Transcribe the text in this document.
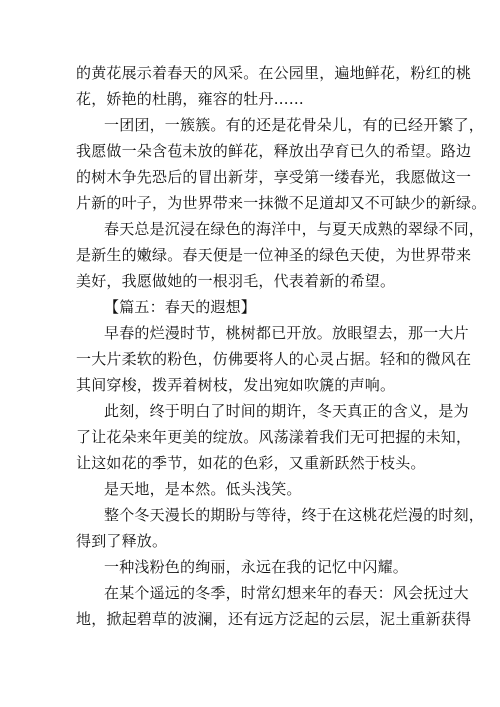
的黄花展示着春天的风采。在公园里，遍地鲜花，粉红的桃
花，娇艳的杜鹃，雍容的牡丹……
一团团，一簇簇。有的还是花骨朵儿，有的已经开繁了，
我愿做一朵含苞未放的鲜花，释放出孕育已久的希望。路边
的树木争先恐后的冒出新芽，享受第一缕春光，我愿做这一
片新的叶子，为世界带来一抹微不足道却又不可缺少的新绿。
春天总是沉浸在绿色的海洋中，与夏天成熟的翠绿不同，
是新生的嫩绿。春天便是一位神圣的绿色天使，为世界带来
美好，我愿做她的一根羽毛，代表着新的希望。
【篇五：春天的遐想】
早春的烂漫时节，桃树都已开放。放眼望去，那一大片
一大片柔软的粉色，仿佛要将人的心灵占据。轻和的微风在
其间穿梭，拨弄着树枝，发出宛如吹篪的声响。
此刻，终于明白了时间的期许，冬天真正的含义，是为
了让花朵来年更美的绽放。风荡漾着我们无可把握的未知，
让这如花的季节，如花的色彩，又重新跃然于枝头。
是天地，是本然。低头浅笑。
整个冬天漫长的期盼与等待，终于在这桃花烂漫的时刻，
得到了释放。
一种浅粉色的绚丽，永远在我的记忆中闪耀。
在某个遥远的冬季，时常幻想来年的春天：风会抚过大
地，掀起碧草的波澜，还有远方泛起的云层，泥土重新获得
